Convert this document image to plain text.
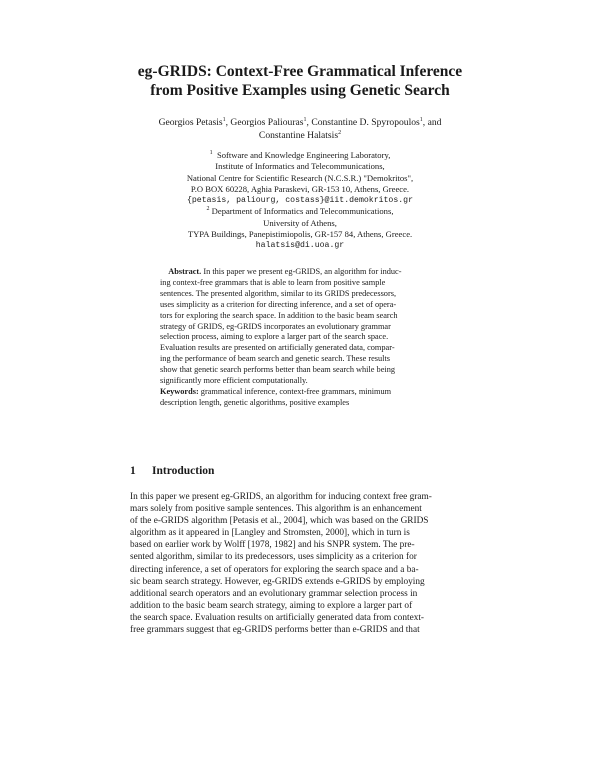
eg-GRIDS: Context-Free Grammatical Inference
from Positive Examples using Genetic Search
Georgios Petasis$^1$, Georgios Paliouras$^1$, Constantine D. Spyropoulos$^1$, and
Constantine Halatsis$^2$
$^1$ Software and Knowledge Engineering Laboratory,
Institute of Informatics and Telecommunications,
National Centre for Scientific Research (N.C.S.R.) "Demokritos",
P.O BOX 60228, Aghia Paraskevi, GR-153 10, Athens, Greece.
{petasis, paliourg, costass}@iit.demokritos.gr
$^2$ Department of Informatics and Telecommunications,
University of Athens,
TYPA Buildings, Panepistimiopolis, GR-157 84, Athens, Greece.
halatsis@di.uoa.gr
Abstract. In this paper we present eg-GRIDS, an algorithm for induc-
ing context-free grammars that is able to learn from positive sample
sentences. The presented algorithm, similar to its GRIDS predecessors,
uses simplicity as a criterion for directing inference, and a set of opera-
tors for exploring the search space. In addition to the basic beam search
strategy of GRIDS, eg-GRIDS incorporates an evolutionary grammar
selection process, aiming to explore a larger part of the search space.
Evaluation results are presented on artificially generated data, compar-
ing the performance of beam search and genetic search. These results
show that genetic search performs better than beam search while being
significantly more efficient computationally.
Keywords: grammatical inference, context-free grammars, minimum
description length, genetic algorithms, positive examples
1 Introduction
In this paper we present eg-GRIDS, an algorithm for inducing context free gram-
mars solely from positive sample sentences. This algorithm is an enhancement
of the e-GRIDS algorithm [Petasis et al., 2004], which was based on the GRIDS
algorithm as it appeared in [Langley and Stromsten, 2000], which in turn is
based on earlier work by Wolff [1978, 1982] and his SNPR system. The pre-
sented algorithm, similar to its predecessors, uses simplicity as a criterion for
directing inference, a set of operators for exploring the search space and a ba-
sic beam search strategy. However, eg-GRIDS extends e-GRIDS by employing
additional search operators and an evolutionary grammar selection process in
addition to the basic beam search strategy, aiming to explore a larger part of
the search space. Evaluation results on artificially generated data from context-
free grammars suggest that eg-GRIDS performs better than e-GRIDS and that
